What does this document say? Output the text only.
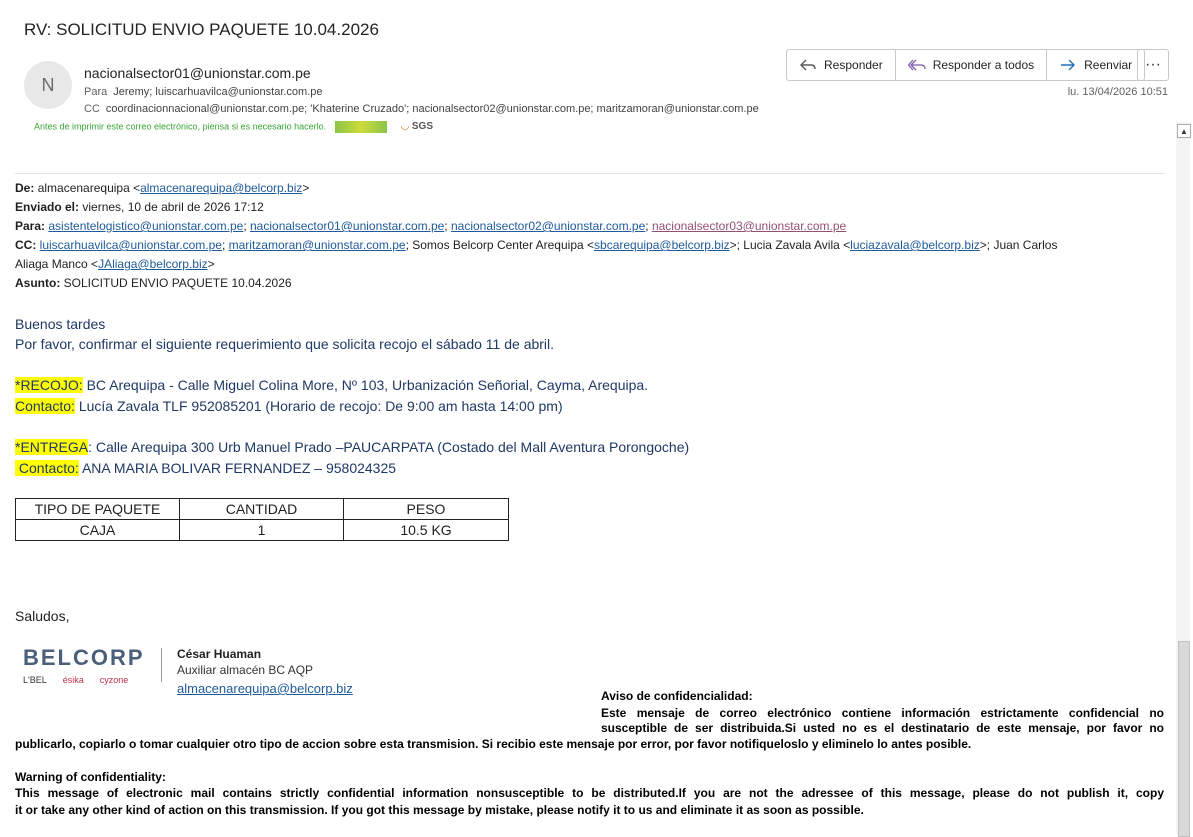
RV: SOLICITUD ENVIO PAQUETE 10.04.2026
N
nacionalsector01@unionstar.com.pe
Para Jeremy; luiscarhuavilca@unionstar.com.pe
CC coordinacionnacional@unionstar.com.pe; 'Khaterine Cruzado'; nacionalsector02@unionstar.com.pe; maritzamoran@unionstar.com.pe
Antes de imprimir este correo electrónico, piensa si es necesario hacerlo.	◡ SGS
Responder	Responder a todos	Reenviar ···
lu. 13/04/2026 10:51
▲
De: almacenarequipa <almacenarequipa@belcorp.biz>
Enviado el: viernes, 10 de abril de 2026 17:12
Para: asistentelogistico@unionstar.com.pe; nacionalsector01@unionstar.com.pe; nacionalsector02@unionstar.com.pe; nacionalsector03@unionstar.com.pe
CC: luiscarhuavilca@unionstar.com.pe; maritzamoran@unionstar.com.pe; Somos Belcorp Center Arequipa <sbcarequipa@belcorp.biz>; Lucia Zavala Avila <luciazavala@belcorp.biz>; Juan Carlos
Aliaga Manco <JAliaga@belcorp.biz>
Asunto: SOLICITUD ENVIO PAQUETE 10.04.2026
Buenos tardes
Por favor, confirmar el siguiente requerimiento que solicita recojo el sábado 11 de abril.
*RECOJO: BC Arequipa - Calle Miguel Colina More, Nº 103, Urbanización Señorial, Cayma, Arequipa.
Contacto: Lucía Zavala TLF 952085201 (Horario de recojo: De 9:00 am hasta 14:00 pm)
*ENTREGA: Calle Arequipa 300 Urb Manuel Prado –PAUCARPATA (Costado del Mall Aventura Porongoche)
Contacto: ANA MARIA BOLIVAR FERNANDEZ – 958024325
TIPO DE PAQUETE	CANTIDAD	PESO
CAJA	1	10.5 KG
Saludos,
BELCORP
L'BEL ésika cyzone
César Huaman
Auxiliar almacén BC AQP
almacenarequipa@belcorp.biz	Aviso de confidencialidad:
Este mensaje de correo electrónico contiene información estrictamente confidencial no
susceptible de ser distribuida.Si usted no es el destinatario de este mensaje, por favor no
publicarlo, copiarlo o tomar cualquier otro tipo de accion sobre esta transmision. Si recibio este mensaje por error, por favor notifiqueloslo y eliminelo lo antes posible.
Warning of confidentiality:
This message of electronic mail contains strictly confidential information nonsusceptible to be distributed.If you are not the adressee of this message, please do not publish it, copy
it or take any other kind of action on this transmission. If you got this message by mistake, please notify it to us and eliminate it as soon as possible.
